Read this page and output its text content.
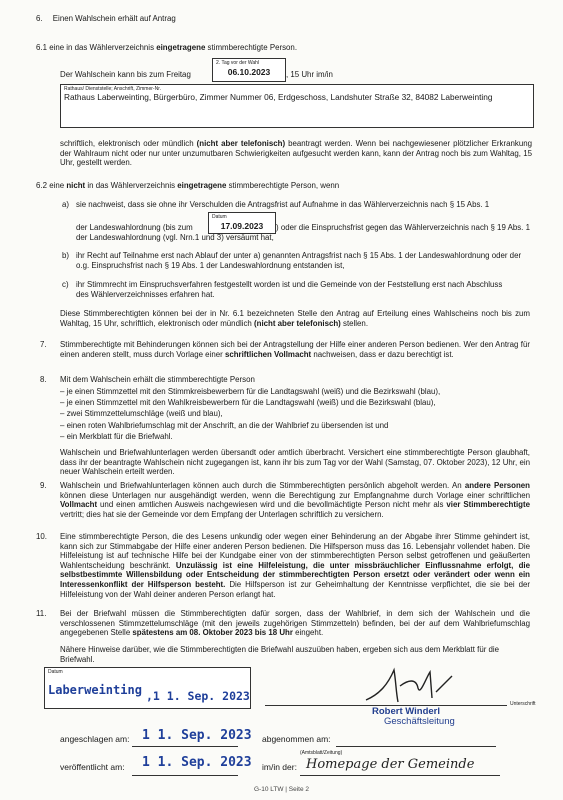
6. Einen Wahlschein erhält auf Antrag
6.1 eine in das Wählerverzeichnis eingetragene stimmberechtigte Person.
Der Wahlschein kann bis zum Freitag
2. Tag vor der Wahl
06.10.2023	, 15 Uhr im/in
Rathaus/ Dienststelle; Anschrift, Zimmer-Nr.
Rathaus Laberweinting, Bürgerbüro, Zimmer Nummer 06, Erdgeschoss, Landshuter Straße 32, 84082 Laberweinting
schriftlich, elektronisch oder mündlich (nicht aber telefonisch) beantragt werden. Wenn bei nachgewiesener plötzlicher Erkrankung der Wahlraum nicht oder nur unter unzumutbaren Schwierigkeiten aufgesucht werden kann, kann der Antrag noch bis zum Wahltag, 15 Uhr, gestellt werden.
6.2 eine nicht in das Wählerverzeichnis eingetragene stimmberechtigte Person, wenn
a) sie nachweist, dass sie ohne ihr Verschulden die Antragsfrist auf Aufnahme in das Wählerverzeichnis nach § 15 Abs. 1
der Landeswahlordnung (bis zum
Datum
17.09.2023	) oder die Einspruchsfrist gegen das Wählerverzeichnis nach § 19 Abs. 1 der Landeswahlordnung (vgl. Nrn.1 und 3) versäumt hat,
b) ihr Recht auf Teilnahme erst nach Ablauf der unter a) genannten Antragsfrist nach § 15 Abs. 1 der Landeswahlordnung oder der o.g. Einspruchsfrist nach § 19 Abs. 1 der Landeswahlordnung entstanden ist,
c) ihr Stimmrecht im Einspruchsverfahren festgestellt worden ist und die Gemeinde von der Feststellung erst nach Abschluss des Wählerverzeichnisses erfahren hat.
Diese Stimmberechtigten können bei der in Nr. 6.1 bezeichneten Stelle den Antrag auf Erteilung eines Wahlscheins noch bis zum Wahltag, 15 Uhr, schriftlich, elektronisch oder mündlich (nicht aber telefonisch) stellen.
7. Stimmberechtigte mit Behinderungen können sich bei der Antragstellung der Hilfe einer anderen Person bedienen. Wer den Antrag für einen anderen stellt, muss durch Vorlage einer schriftlichen Vollmacht nachweisen, dass er dazu berechtigt ist.
8. Mit dem Wahlschein erhält die stimmberechtigte Person
– je einen Stimmzettel mit den Stimmkreisbewerbern für die Landtagswahl (weiß) und die Bezirkswahl (blau),
– je einen Stimmzettel mit den Wahlkreisbewerbern für die Landtagswahl (weiß) und die Bezirkswahl (blau),
– zwei Stimmzettelumschläge (weiß und blau),
– einen roten Wahlbriefumschlag mit der Anschrift, an die der Wahlbrief zu übersenden ist und
– ein Merkblatt für die Briefwahl.
Wahlschein und Briefwahlunterlagen werden übersandt oder amtlich überbracht. Versichert eine stimmberechtigte Person glaubhaft, dass ihr der beantragte Wahlschein nicht zugegangen ist, kann ihr bis zum Tag vor der Wahl (Samstag, 07. Oktober 2023), 12 Uhr, ein neuer Wahlschein erteilt werden.
9. Wahlschein und Briefwahlunterlagen können auch durch die Stimmberechtigten persönlich abgeholt werden. An andere Personen können diese Unterlagen nur ausgehändigt werden, wenn die Berechtigung zur Empfangnahme durch Vorlage einer schriftlichen Vollmacht und einen amtlichen Ausweis nachgewiesen wird und die bevollmächtigte Person nicht mehr als vier Stimmberechtigte vertritt; dies hat sie der Gemeinde vor dem Empfang der Unterlagen schriftlich zu versichern.
10. Eine stimmberechtigte Person, die des Lesens unkundig oder wegen einer Behinderung an der Abgabe ihrer Stimme gehindert ist, kann sich zur Stimmabgabe der Hilfe einer anderen Person bedienen. Die Hilfsperson muss das 16. Lebensjahr vollendet haben. Die Hilfeleistung ist auf technische Hilfe bei der Kundgabe einer von der stimmberechtigten Person selbst getroffenen und geäußerten Wahlentscheidung beschränkt. Unzulässig ist eine Hilfeleistung, die unter missbräuchlicher Einflussnahme erfolgt, die selbstbestimmte Willensbildung oder Entscheidung der stimmberechtigten Person ersetzt oder verändert oder wenn ein Interessenkonflikt der Hilfsperson besteht. Die Hilfsperson ist zur Geheimhaltung der Kenntnisse verpflichtet, die sie bei der Hilfeleistung von der Wahl deiner anderen Person erlangt hat.
11. Bei der Briefwahl müssen die Stimmberechtigten dafür sorgen, dass der Wahlbrief, in dem sich der Wahlschein und die verschlossenen Stimmzettelumschläge (mit den jeweils zugehörigen Stimmzetteln) befinden, bei der auf dem Wahlbriefumschlag angegebenen Stelle spätestens am 08. Oktober 2023 bis 18 Uhr eingeht.
Nähere Hinweise darüber, wie die Stimmberechtigten die Briefwahl auszuüben haben, ergeben sich aus dem Merkblatt für die Briefwahl.
Datum
Laberweinting ,1 1. Sep. 2023
Unterschrift
Robert Winderl
Geschäftsleitung
angeschlagen am: 1 1. Sep. 2023 abgenommen am:
(Amtsblatt/Zeitung)
veröffentlicht am: 1 1. Sep. 2023 im/in der: Homepage der Gemeinde
G-10 LTW | Seite 2
